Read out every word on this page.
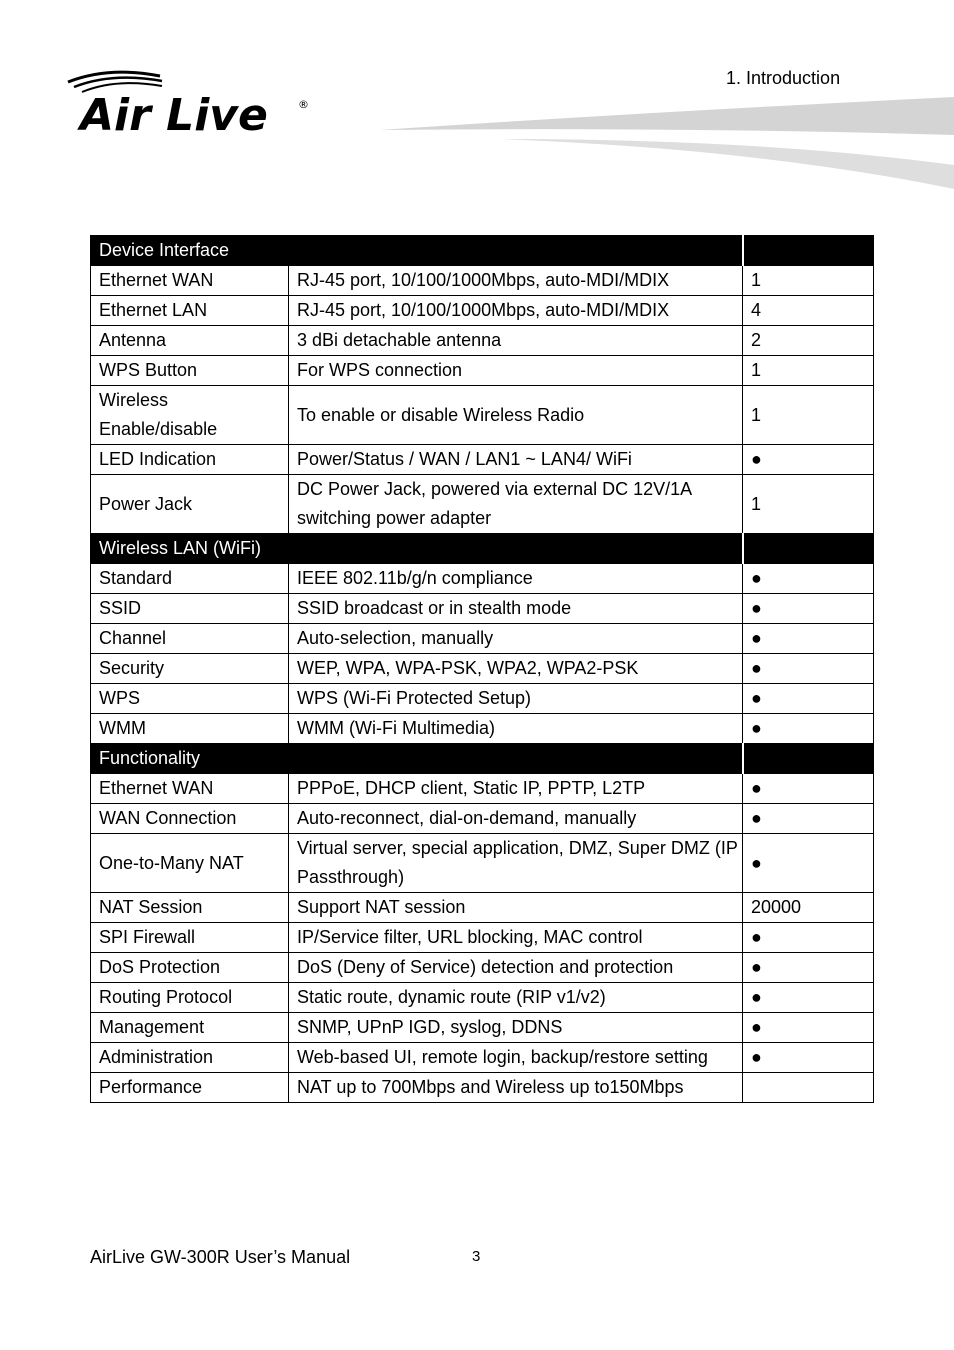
1. Introduction
Air Live	®
Device Interface		
Ethernet WAN	RJ-45 port, 10/100/1000Mbps, auto-MDI/MDIX	1
Ethernet LAN	RJ-45 port, 10/100/1000Mbps, auto-MDI/MDIX	4
Antenna	3 dBi detachable antenna	2
WPS Button	For WPS connection	1
Wireless
Enable/disable	To enable or disable Wireless Radio	1
LED Indication	Power/Status / WAN / LAN1 ~ LAN4/ WiFi	●
Power Jack	DC Power Jack, powered via external DC 12V/1A switching power adapter	1
Wireless LAN (WiFi)		
Standard	IEEE 802.11b/g/n compliance	●
SSID	SSID broadcast or in stealth mode	●
Channel	Auto-selection, manually	●
Security	WEP, WPA, WPA-PSK, WPA2, WPA2-PSK	●
WPS	WPS (Wi-Fi Protected Setup)	●
WMM	WMM (Wi-Fi Multimedia)	●
Functionality		
Ethernet WAN	PPPoE, DHCP client, Static IP, PPTP, L2TP	●
WAN Connection	Auto-reconnect, dial-on-demand, manually	●
One-to-Many NAT	Virtual server, special application, DMZ, Super DMZ (IP Passthrough)	●
NAT Session	Support NAT session	20000
SPI Firewall	IP/Service filter, URL blocking, MAC control	●
DoS Protection	DoS (Deny of Service) detection and protection	●
Routing Protocol	Static route, dynamic route (RIP v1/v2)	●
Management	SNMP, UPnP IGD, syslog, DDNS	●
Administration	Web-based UI, remote login, backup/restore setting	●
Performance	NAT up to 700Mbps and Wireless up to150Mbps	
AirLive GW-300R User’s Manual	3
